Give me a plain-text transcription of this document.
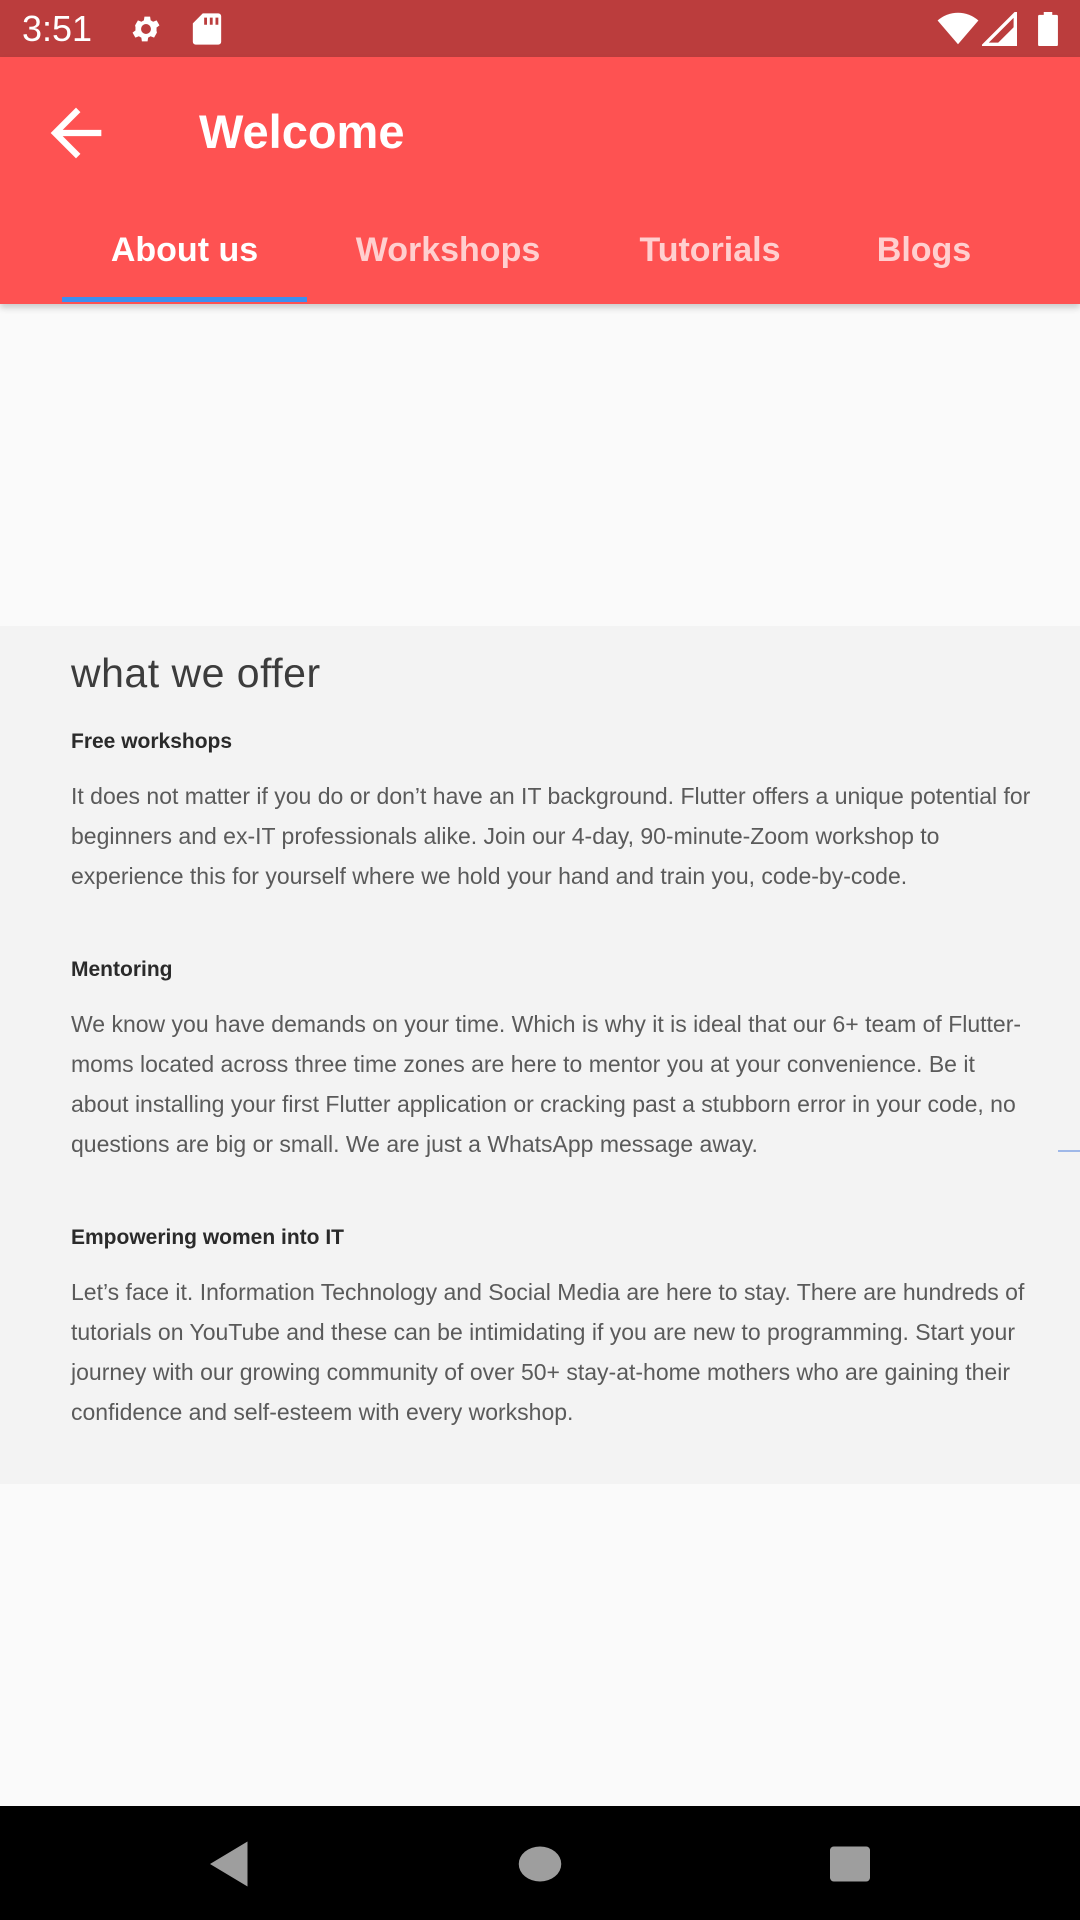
3:51
Welcome
About us	Workshops	Tutorials	Blogs
what we offer
Free workshops
It does not matter if you do or don’t have an IT background. Flutter offers a unique potential for beginners and ex-IT professionals alike. Join our 4-day, 90-minute-Zoom workshop to experience this for yourself where we hold your hand and train you, code-by-code.
Mentoring
We know you have demands on your time. Which is why it is ideal that our 6+ team of Flutter-moms located across three time zones are here to mentor you at your convenience. Be it about installing your first Flutter application or cracking past a stubborn error in your code, no questions are big or small. We are just a WhatsApp message away.
Empowering women into IT
Let’s face it. Information Technology and Social Media are here to stay. There are hundreds of tutorials on YouTube and these can be intimidating if you are new to programming. Start your journey with our growing community of over 50+ stay-at-home mothers who are gaining their confidence and self-esteem with every workshop.
